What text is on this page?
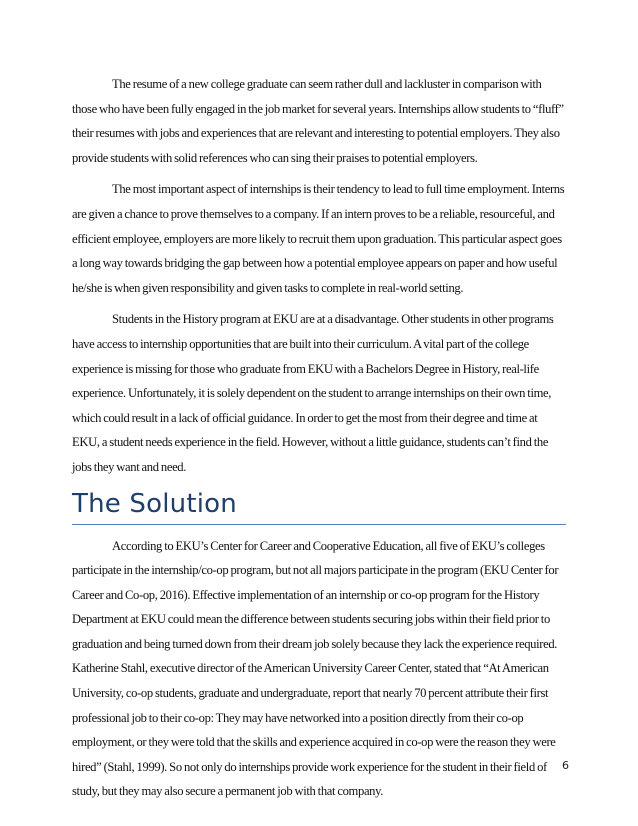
The resume of a new college graduate can seem rather dull and lackluster in comparison with those who have been fully engaged in the job market for several years. Internships allow students to “fluff” their resumes with jobs and experiences that are relevant and interesting to potential employers. They also provide students with solid references who can sing their praises to potential employers.

The most important aspect of internships is their tendency to lead to full time employment. Interns are given a chance to prove themselves to a company. If an intern proves to be a reliable, resourceful, and efficient employee, employers are more likely to recruit them upon graduation. This particular aspect goes a long way towards bridging the gap between how a potential employee appears on paper and how useful he/she is when given responsibility and given tasks to complete in real-world setting.

Students in the History program at EKU are at a disadvantage. Other students in other programs have access to internship opportunities that are built into their curriculum. A vital part of the college experience is missing for those who graduate from EKU with a Bachelors Degree in History, real-life experience. Unfortunately, it is solely dependent on the student to arrange internships on their own time, which could result in a lack of official guidance. In order to get the most from their degree and time at EKU, a student needs experience in the field. However, without a little guidance, students can’t find the jobs they want and need.

The Solution

According to EKU’s Center for Career and Cooperative Education, all five of EKU’s colleges participate in the internship/co-op program, but not all majors participate in the program (EKU Center for Career and Co-op, 2016). Effective implementation of an internship or co-op program for the History Department at EKU could mean the difference between students securing jobs within their field prior to graduation and being turned down from their dream job solely because they lack the experience required. Katherine Stahl, executive director of the American University Career Center, stated that “At American University, co-op students, graduate and undergraduate, report that nearly 70 percent attribute their first professional job to their co-op: They may have networked into a position directly from their co-op employment, or they were told that the skills and experience acquired in co-op were the reason they were hired” (Stahl, 1999). So not only do internships provide work experience for the student in their field of study, but they may also secure a permanent job with that company.

6
